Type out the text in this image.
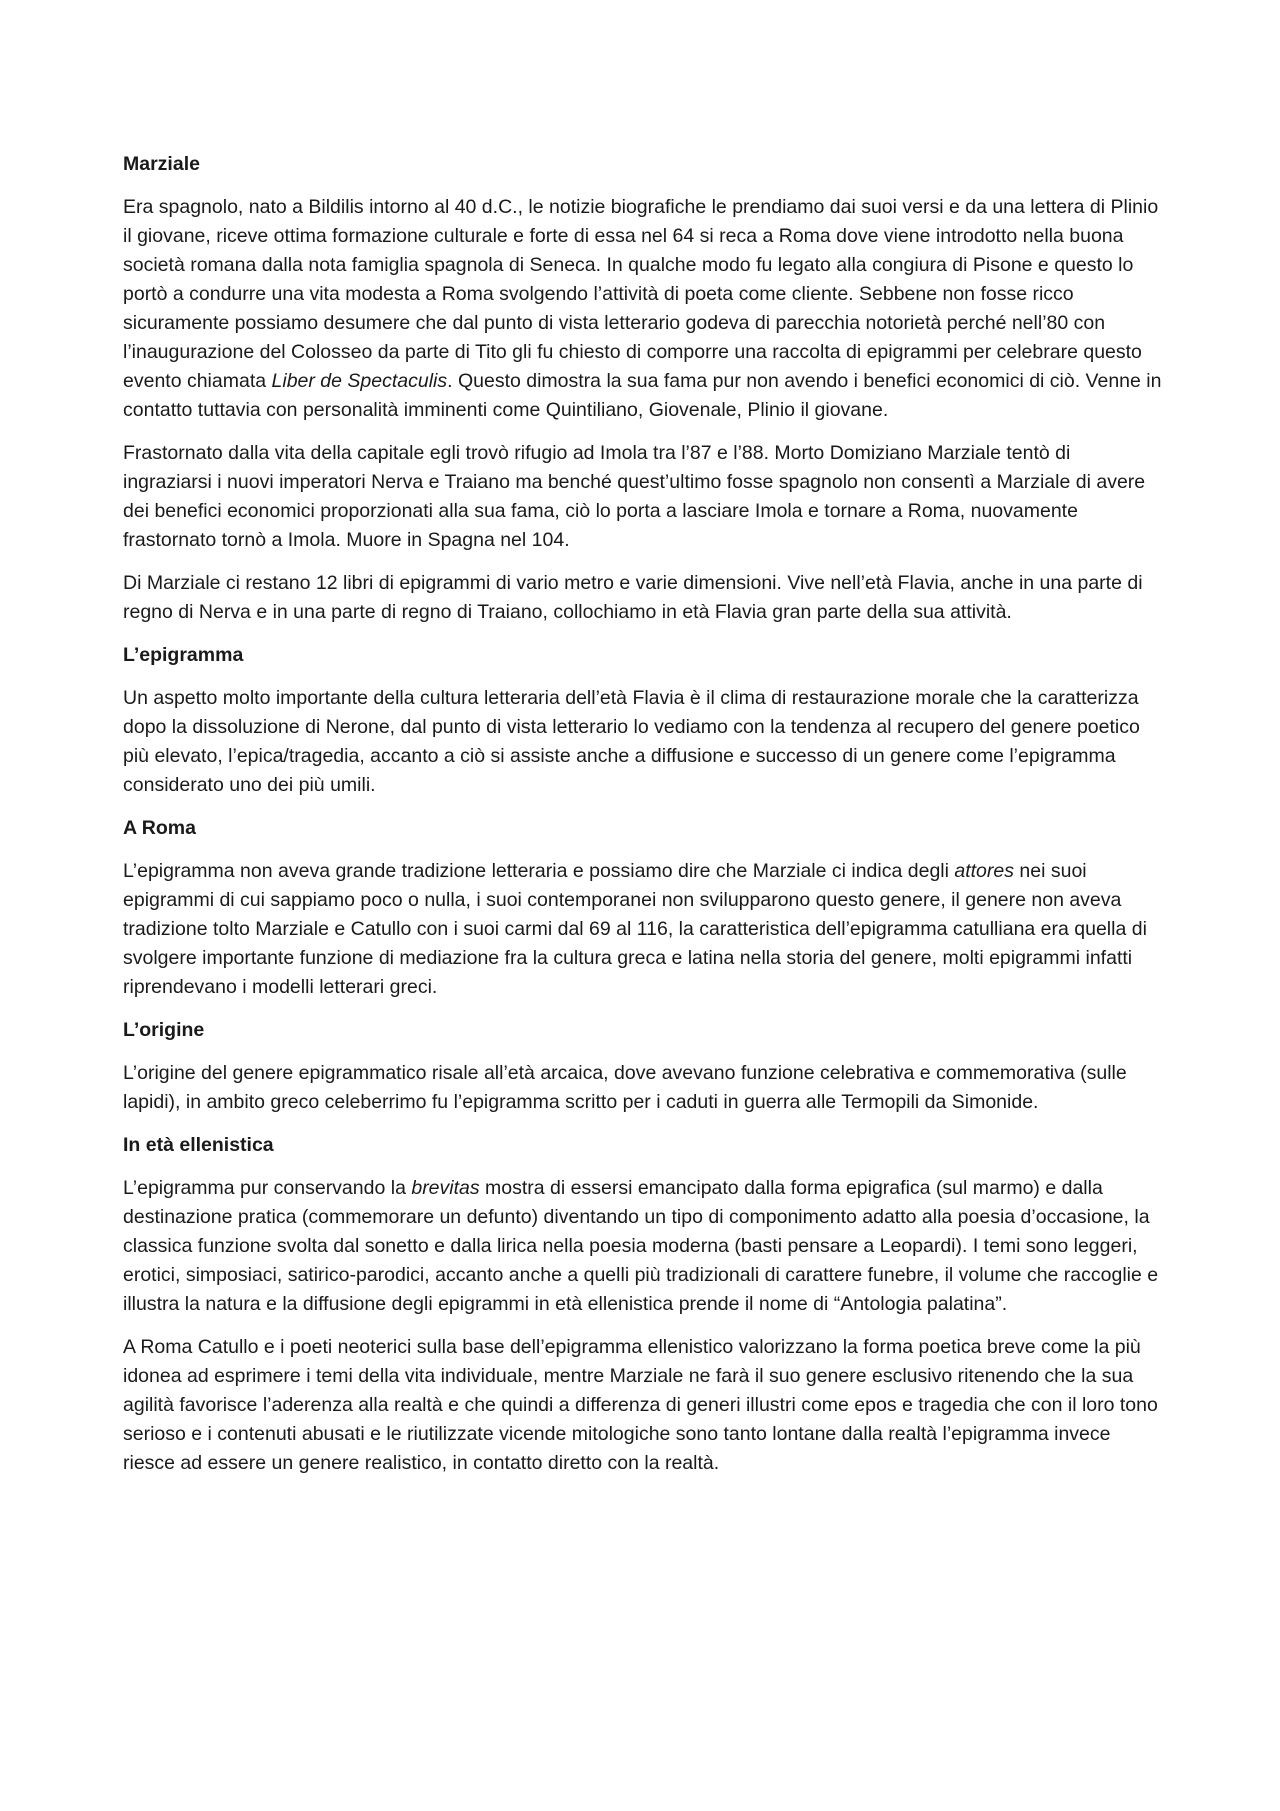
Marziale

Era spagnolo, nato a Bildilis intorno al 40 d.C., le notizie biografiche le prendiamo dai suoi versi e da una lettera di Plinio il giovane, riceve ottima formazione culturale e forte di essa nel 64 si reca a Roma dove viene introdotto nella buona società romana dalla nota famiglia spagnola di Seneca. In qualche modo fu legato alla congiura di Pisone e questo lo portò a condurre una vita modesta a Roma svolgendo l’attività di poeta come cliente. Sebbene non fosse ricco sicuramente possiamo desumere che dal punto di vista letterario godeva di parecchia notorietà perché nell’80 con l’inaugurazione del Colosseo da parte di Tito gli fu chiesto di comporre una raccolta di epigrammi per celebrare questo evento chiamata Liber de Spectaculis. Questo dimostra la sua fama pur non avendo i benefici economici di ciò. Venne in contatto tuttavia con personalità imminenti come Quintiliano, Giovenale, Plinio il giovane.

Frastornato dalla vita della capitale egli trovò rifugio ad Imola tra l’87 e l’88. Morto Domiziano Marziale tentò di ingraziarsi i nuovi imperatori Nerva e Traiano ma benché quest’ultimo fosse spagnolo non consentì a Marziale di avere dei benefici economici proporzionati alla sua fama, ciò lo porta a lasciare Imola e tornare a Roma, nuovamente frastornato tornò a Imola. Muore in Spagna nel 104.

Di Marziale ci restano 12 libri di epigrammi di vario metro e varie dimensioni. Vive nell’età Flavia, anche in una parte di regno di Nerva e in una parte di regno di Traiano, collochiamo in età Flavia gran parte della sua attività.

L’epigramma

Un aspetto molto importante della cultura letteraria dell’età Flavia è il clima di restaurazione morale che la caratterizza dopo la dissoluzione di Nerone, dal punto di vista letterario lo vediamo con la tendenza al recupero del genere poetico più elevato, l’epica/tragedia, accanto a ciò si assiste anche a diffusione e successo di un genere come l’epigramma considerato uno dei più umili.

A Roma

L’epigramma non aveva grande tradizione letteraria e possiamo dire che Marziale ci indica degli attores nei suoi epigrammi di cui sappiamo poco o nulla, i suoi contemporanei non svilupparono questo genere, il genere non aveva tradizione tolto Marziale e Catullo con i suoi carmi dal 69 al 116, la caratteristica dell’epigramma catulliana era quella di svolgere importante funzione di mediazione fra la cultura greca e latina nella storia del genere, molti epigrammi infatti riprendevano i modelli letterari greci.

L’origine

L’origine del genere epigrammatico risale all’età arcaica, dove avevano funzione celebrativa e commemorativa (sulle lapidi), in ambito greco celeberrimo fu l’epigramma scritto per i caduti in guerra alle Termopili da Simonide.

In età ellenistica

L’epigramma pur conservando la brevitas mostra di essersi emancipato dalla forma epigrafica (sul marmo) e dalla destinazione pratica (commemorare un defunto) diventando un tipo di componimento adatto alla poesia d’occasione, la classica funzione svolta dal sonetto e dalla lirica nella poesia moderna (basti pensare a Leopardi). I temi sono leggeri, erotici, simposiaci, satirico-parodici, accanto anche a quelli più tradizionali di carattere funebre, il volume che raccoglie e illustra la natura e la diffusione degli epigrammi in età ellenistica prende il nome di “Antologia palatina”.

A Roma Catullo e i poeti neoterici sulla base dell’epigramma ellenistico valorizzano la forma poetica breve come la più idonea ad esprimere i temi della vita individuale, mentre Marziale ne farà il suo genere esclusivo ritenendo che la sua agilità favorisce l’aderenza alla realtà e che quindi a differenza di generi illustri come epos e tragedia che con il loro tono serioso e i contenuti abusati e le riutilizzate vicende mitologiche sono tanto lontane dalla realtà l’epigramma invece riesce ad essere un genere realistico, in contatto diretto con la realtà.
